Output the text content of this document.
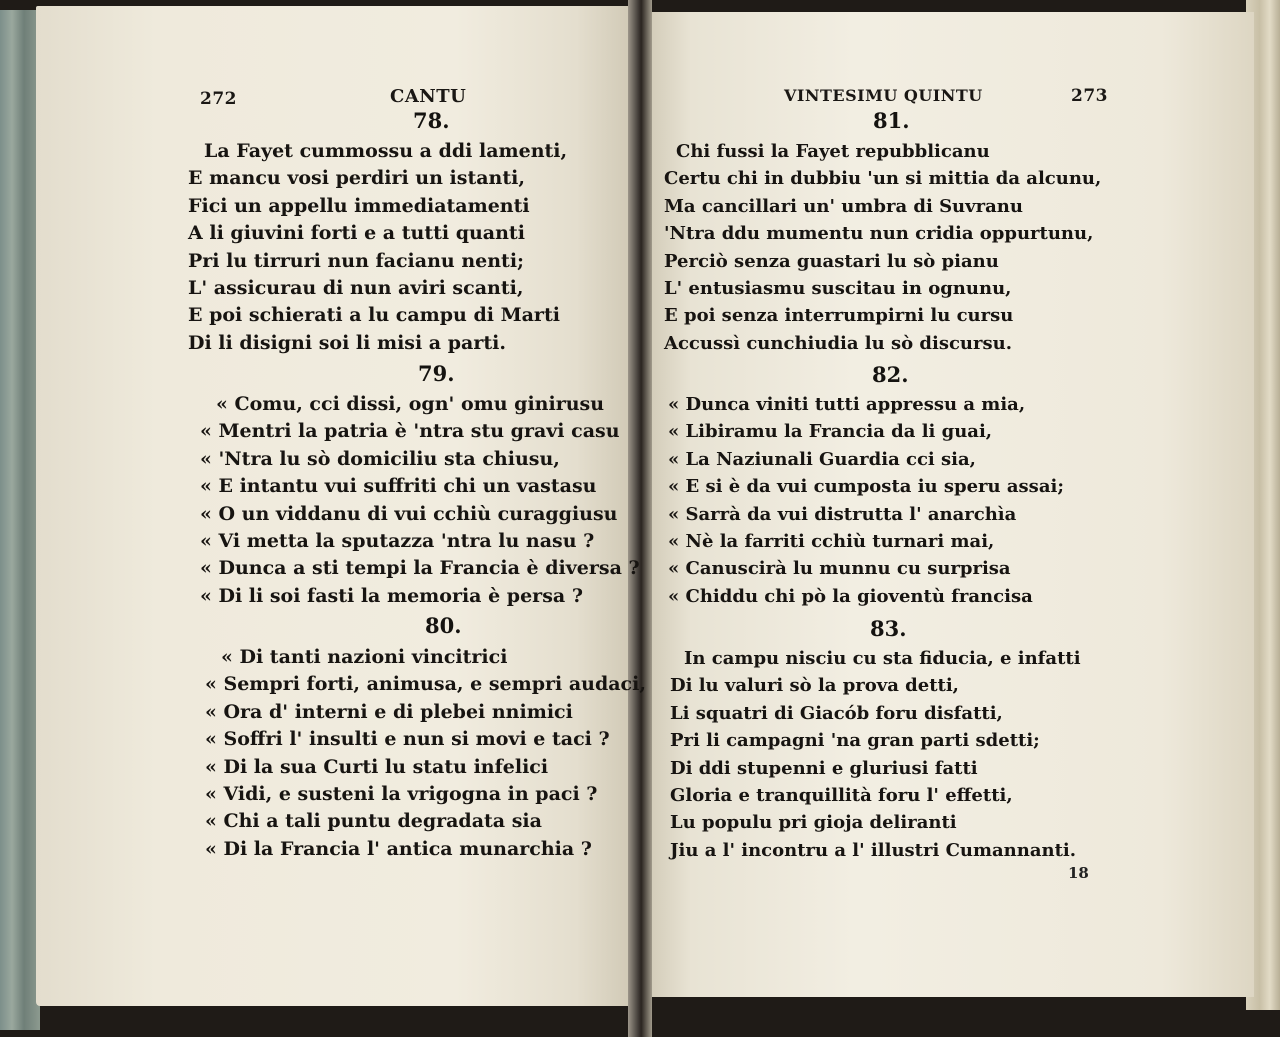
272	CANTU
78.
La Fayet cummossu a ddi lamenti,
E mancu vosi perdiri un istanti,
Fici un appellu immediatamenti
A li giuvini forti e a tutti quanti
Pri lu tirruri nun facianu nenti;
L' assicurau di nun aviri scanti,
E poi schierati a lu campu di Marti
Di li disigni soi li misi a parti.
79.
« Comu, cci dissi, ogn' omu ginirusu
« Mentri la patria è 'ntra stu gravi casu
« 'Ntra lu sò domiciliu sta chiusu,
« E intantu vui suffriti chi un vastasu
« O un viddanu di vui cchiù curaggiusu
« Vi metta la sputazza 'ntra lu nasu ?
« Dunca a sti tempi la Francia è diversa ?
« Di li soi fasti la memoria è persa ?
80.
« Di tanti nazioni vincitrici
« Sempri forti, animusa, e sempri audaci,
« Ora d' interni e di plebei nnimici
« Soffri l' insulti e nun si movi e taci ?
« Di la sua Curti lu statu infelici
« Vidi, e susteni la vrigogna in paci ?
« Chi a tali puntu degradata sia
« Di la Francia l' antica munarchia ?
VINTESIMU QUINTU	273
81.
Chi fussi la Fayet repubblicanu
Certu chi in dubbiu 'un si mittia da alcunu,
Ma cancillari un' umbra di Suvranu
'Ntra ddu mumentu nun cridia oppurtunu,
Perciò senza guastari lu sò pianu
L' entusiasmu suscitau in ognunu,
E poi senza interrumpirni lu cursu
Accussì cunchiudia lu sò discursu.
82.
« Dunca viniti tutti appressu a mia,
« Libiramu la Francia da li guai,
« La Naziunali Guardia cci sia,
« E si è da vui cumposta iu speru assai;
« Sarrà da vui distrutta l' anarchìa
« Nè la farriti cchiù turnari mai,
« Canuscirà lu munnu cu surprisa
« Chiddu chi pò la gioventù francisa
83.
In campu nisciu cu sta fiducia, e infatti
Di lu valuri sò la prova detti,
Li squatri di Giacób foru disfatti,
Pri li campagni 'na gran parti sdetti;
Di ddi stupenni e gluriusi fatti
Gloria e tranquillità foru l' effetti,
Lu populu pri gioja deliranti
Jiu a l' incontru a l' illustri Cumannanti.
18
